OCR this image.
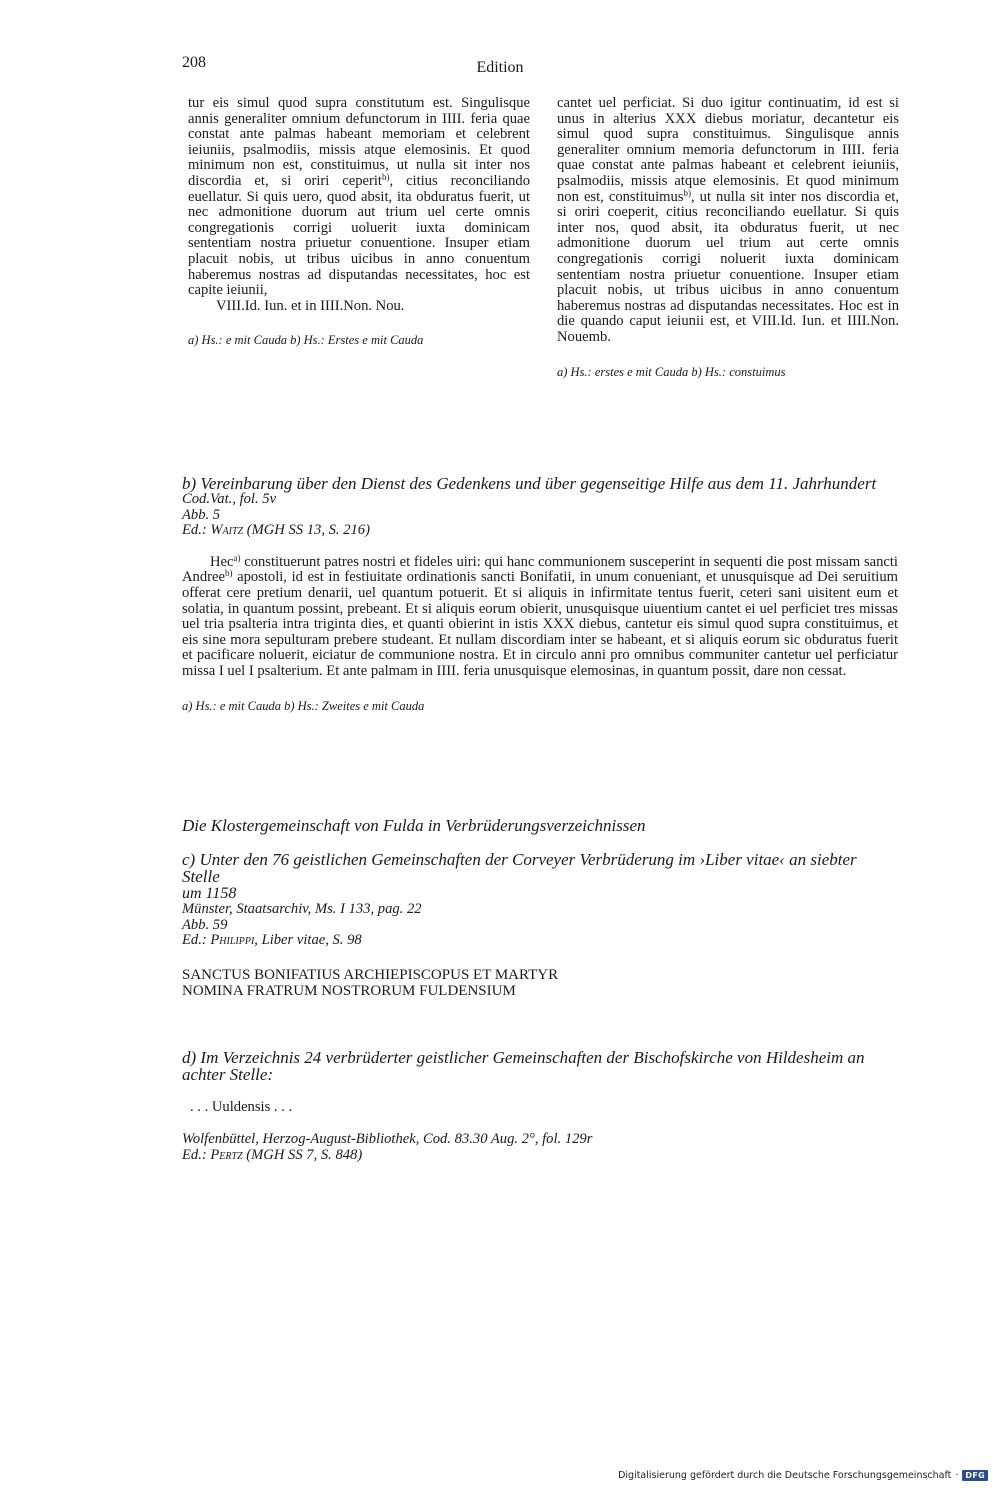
208	Edition

tur eis simul quod supra constitutum est. Singulisque annis generaliter omnium defunctorum in IIII. feria quae constat ante palmas habeant memoriam et celebrent ieiuniis, psalmodiis, missis atque elemosinis. Et quod minimum non est, constituimus, ut nulla sit inter nos discordia et, si oriri ceperit$^{b)}$, citius reconciliando euellatur. Si quis uero, quod absit, ita obduratus fuerit, ut nec admonitione duorum aut trium uel certe omnis congregationis corrigi uoluerit iuxta dominicam sententiam nostra priuetur conuentione. Insuper etiam placuit nobis, ut tribus uicibus in anno conuentum haberemus nostras ad disputandas necessitates, hoc est capite ieiunii,

VIII.Id. Iun. et in IIII.Non. Nou.

a) Hs.: e mit Cauda b) Hs.: Erstes e mit Cauda

cantet uel perficiat. Si duo igitur continuatim, id est si unus in alterius XXX diebus moriatur, decantetur eis simul quod supra constituimus. Singulisque annis generaliter omnium memoria defunctorum in IIII. feria quae constat ante palmas habeant et celebrent ieiuniis, psalmodiis, missis atque elemosinis. Et quod minimum non est, constituimus$^{b)}$, ut nulla sit inter nos discordia et, si oriri coeperit, citius reconciliando euellatur. Si quis inter nos, quod absit, ita obduratus fuerit, ut nec admonitione duorum uel trium aut certe omnis congregationis corrigi noluerit iuxta dominicam sententiam nostra priuetur conuentione. Insuper etiam placuit nobis, ut tribus uicibus in anno conuentum haberemus nostras ad disputandas necessitates. Hoc est in die quando caput ieiunii est, et VIII.Id. Iun. et IIII.Non. Nouemb.

a) Hs.: erstes e mit Cauda b) Hs.: constuimus

b) Vereinbarung über den Dienst des Gedenkens und über gegenseitige Hilfe aus dem 11. Jahrhundert

Cod.Vat., fol. 5v

Abb. 5

Ed.: Waitz (MGH SS 13, S. 216)

Hec$^{a)}$ constituerunt patres nostri et fideles uiri: qui hanc communionem susceperint in sequenti die post missam sancti Andree$^{b)}$ apostoli, id est in festiuitate ordinationis sancti Bonifatii, in unum conueniant, et unusquisque ad Dei seruitium offerat cere pretium denarii, uel quantum potuerit. Et si aliquis in infirmitate tentus fuerit, ceteri sani uisitent eum et solatia, in quantum possint, prebeant. Et si aliquis eorum obierit, unusquisque uiuentium cantet ei uel perficiet tres missas uel tria psalteria intra triginta dies, et quanti obierint in istis XXX diebus, cantetur eis simul quod supra constituimus, et eis sine mora sepulturam prebere studeant. Et nullam discordiam inter se habeant, et si aliquis eorum sic obduratus fuerit et pacificare noluerit, eiciatur de communione nostra. Et in circulo anni pro omnibus communiter cantetur uel perficiatur missa I uel I psalterium. Et ante palmam in IIII. feria unusquisque elemosinas, in quantum possit, dare non cessat.

a) Hs.: e mit Cauda b) Hs.: Zweites e mit Cauda

Die Klostergemeinschaft von Fulda in Verbrüderungsverzeichnissen

c) Unter den 76 geistlichen Gemeinschaften der Corveyer Verbrüderung im ›Liber vitae‹ an siebter Stelle

um 1158

Münster, Staatsarchiv, Ms. I 133, pag. 22

Abb. 59

Ed.: Philippi, Liber vitae, S. 98

SANCTUS BONIFATIUS ARCHIEPISCOPUS ET MARTYR

NOMINA FRATRUM NOSTRORUM FULDENSIUM

d) Im Verzeichnis 24 verbrüderter geistlicher Gemeinschaften der Bischofskirche von Hildesheim an achter Stelle:

. . . Uuldensis . . .

Wolfenbüttel, Herzog-August-Bibliothek, Cod. 83.30 Aug. 2°, fol. 129r

Ed.: Pertz (MGH SS 7, S. 848)

Digitalisierung gefördert durch die Deutsche Forschungsgemeinschaft · DFG
